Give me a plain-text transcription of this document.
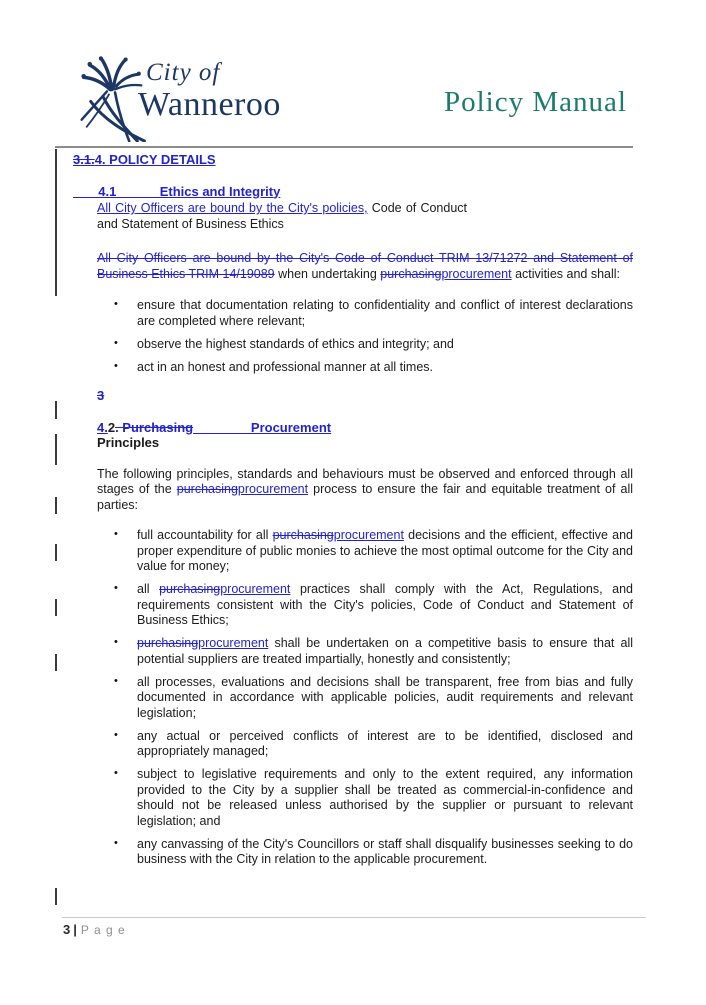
City of
Wanneroo	Policy Manual
3.1.4. POLICY DETAILS
4.1            Ethics and Integrity
All City Officers are bound by the City's policies, Code of Conduct and Statement of Business Ethics
All City Officers are bound by the City's Code of Conduct TRIM 13/71272 and Statement of Business Ethics TRIM 14/19089 when undertaking purchasingprocurement activities and shall:
• ensure that documentation relating to confidentiality and conflict of interest declarations are completed where relevant;
• observe the highest standards of ethics and integrity; and
• act in an honest and professional manner at all times.
3
4.2. Purchasing	Procurement
Principles
The following principles, standards and behaviours must be observed and enforced through all stages of the purchasingprocurement process to ensure the fair and equitable treatment of all parties:
• full accountability for all purchasingprocurement decisions and the efficient, effective and proper expenditure of public monies to achieve the most optimal outcome for the City and value for money;
• all purchasingprocurement practices shall comply with the Act, Regulations, and requirements consistent with the City's policies, Code of Conduct and Statement of Business Ethics;
• purchasingprocurement shall be undertaken on a competitive basis to ensure that all potential suppliers are treated impartially, honestly and consistently;
• all processes, evaluations and decisions shall be transparent, free from bias and fully documented in accordance with applicable policies, audit requirements and relevant legislation;
• any actual or perceived conflicts of interest are to be identified, disclosed and appropriately managed;
• subject to legislative requirements and only to the extent required, any information provided to the City by a supplier shall be treated as commercial-in-confidence and should not be released unless authorised by the supplier or pursuant to relevant legislation; and
• any canvassing of the City's Councillors or staff shall disqualify businesses seeking to do business with the City in relation to the applicable procurement.
3 | P a g e
